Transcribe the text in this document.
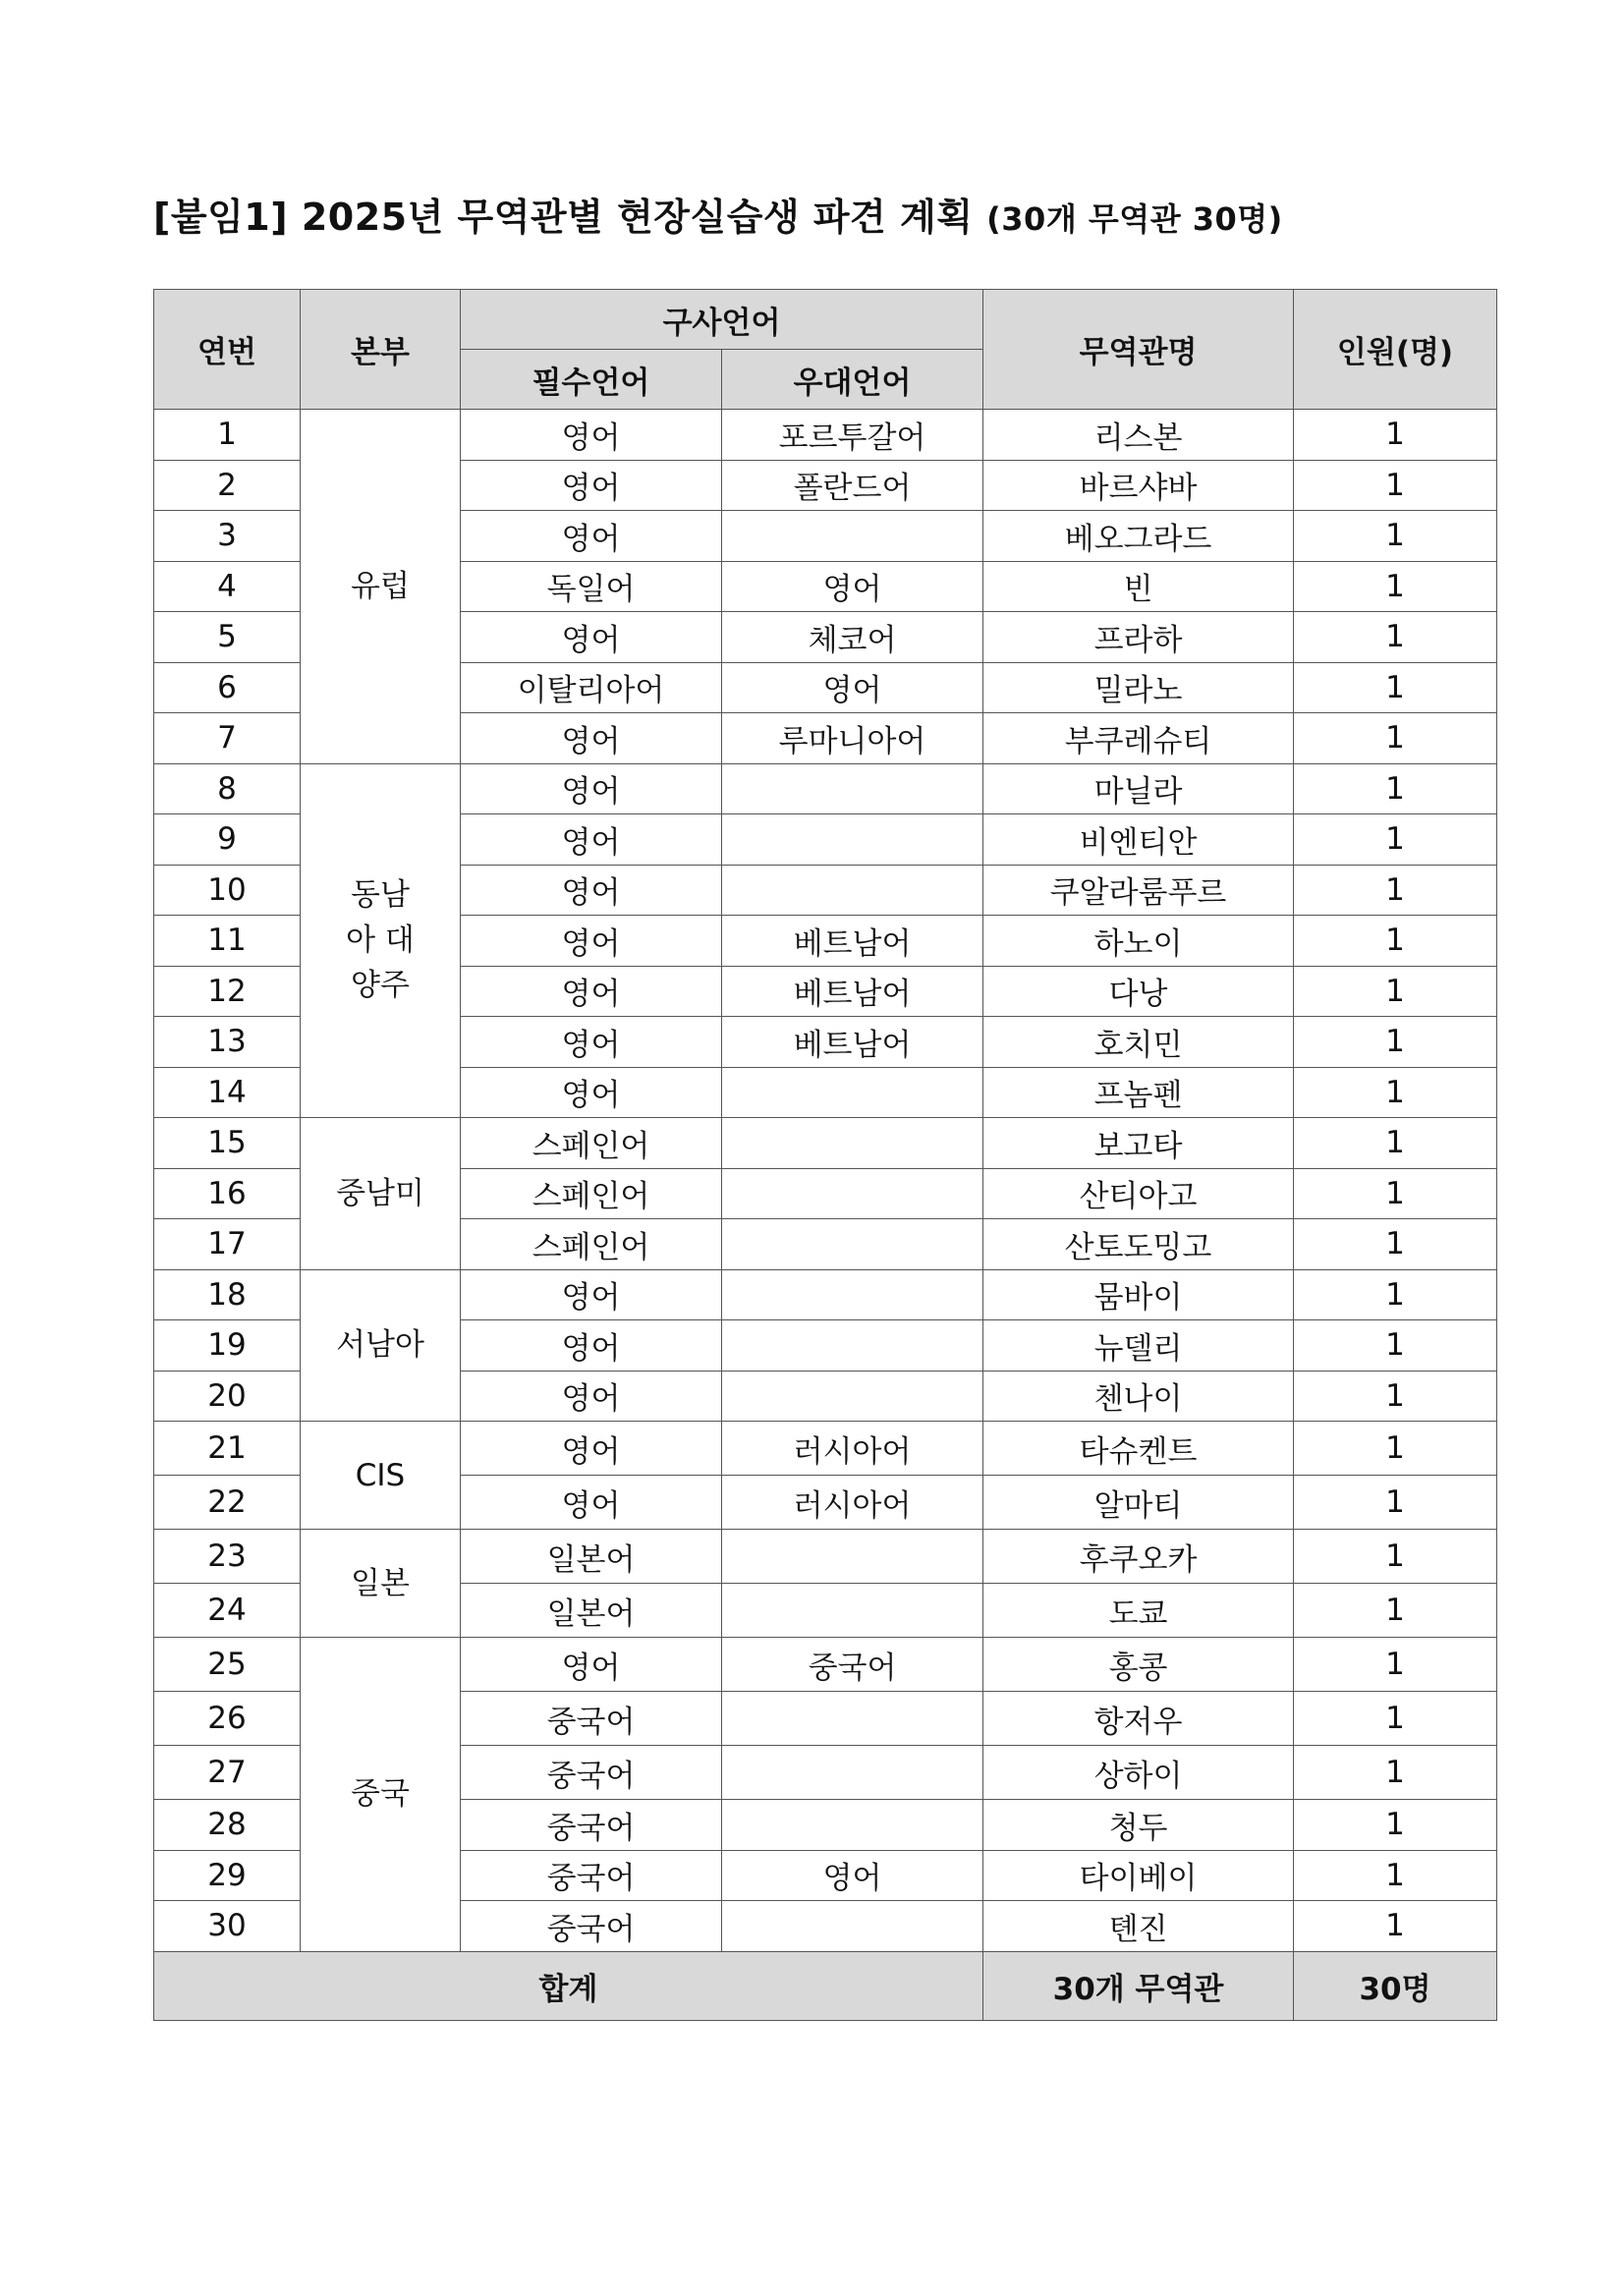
[붙임1] 2025년 무역관별 현장실습생 파견 계획 (30개 무역관 30명)
연번	본부	구사언어		무역관명	인원(명)
		필수언어	우대언어		
1	유럽	영어	포르투갈어	리스본	1
2		영어	폴란드어	바르샤바	1
3		영어		베오그라드	1
4		독일어	영어	빈	1
5		영어	체코어	프라하	1
6		이탈리아어	영어	밀라노	1
7		영어	루마니아어	부쿠레슈티	1
8	동남아 대양주	영어		마닐라	1
9		영어		비엔티안	1
10		영어		쿠알라룸푸르	1
11		영어	베트남어	하노이	1
12		영어	베트남어	다낭	1
13		영어	베트남어	호치민	1
14		영어		프놈펜	1
15	중남미	스페인어		보고타	1
16		스페인어		산티아고	1
17		스페인어		산토도밍고	1
18	서남아	영어		뭄바이	1
19		영어		뉴델리	1
20		영어		첸나이	1
21	CIS	영어	러시아어	타슈켄트	1
22		영어	러시아어	알마티	1
23	일본	일본어		후쿠오카	1
24		일본어		도쿄	1
25	중국	영어	중국어	홍콩	1
26		중국어		항저우	1
27		중국어		상하이	1
28		중국어		청두	1
29		중국어	영어	타이베이	1
30		중국어		톈진	1
합계				30개 무역관	30명
